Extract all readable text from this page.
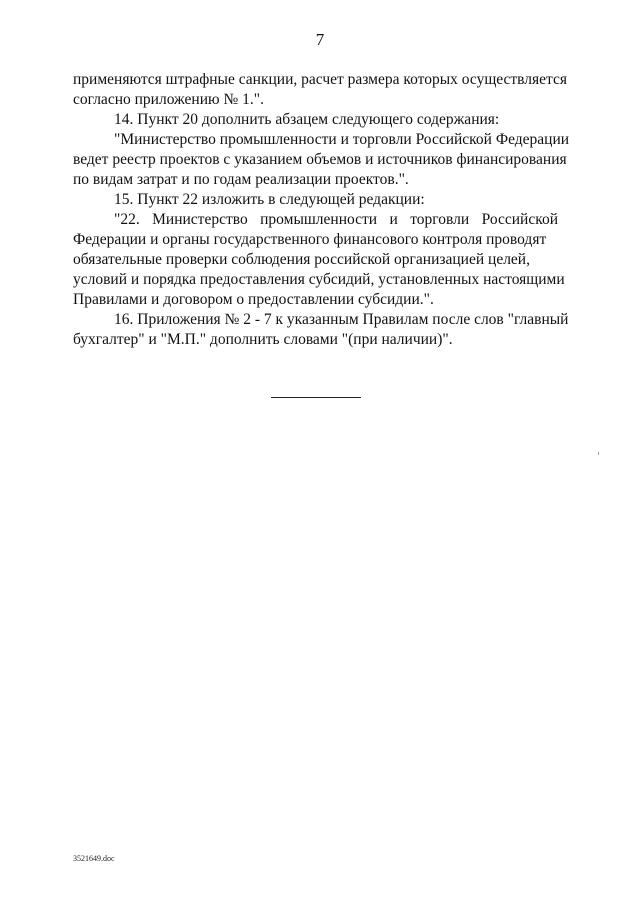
7
применяются штрафные санкции, расчет размера которых осуществляется
согласно приложению № 1.".
14. Пункт 20 дополнить абзацем следующего содержания:
"Министерство промышленности и торговли Российской Федерации
ведет реестр проектов с указанием объемов и источников финансирования
по видам затрат и по годам реализации проектов.".
15. Пункт 22 изложить в следующей редакции:
"22. Министерство промышленности и торговли Российской
Федерации и органы государственного финансового контроля проводят
обязательные проверки соблюдения российской организацией целей,
условий и порядка предоставления субсидий, установленных настоящими
Правилами и договором о предоставлении субсидии.".
16. Приложения № 2 - 7 к указанным Правилам после слов "главный
бухгалтер" и "М.П." дополнить словами "(при наличии)".
3521649.doc
